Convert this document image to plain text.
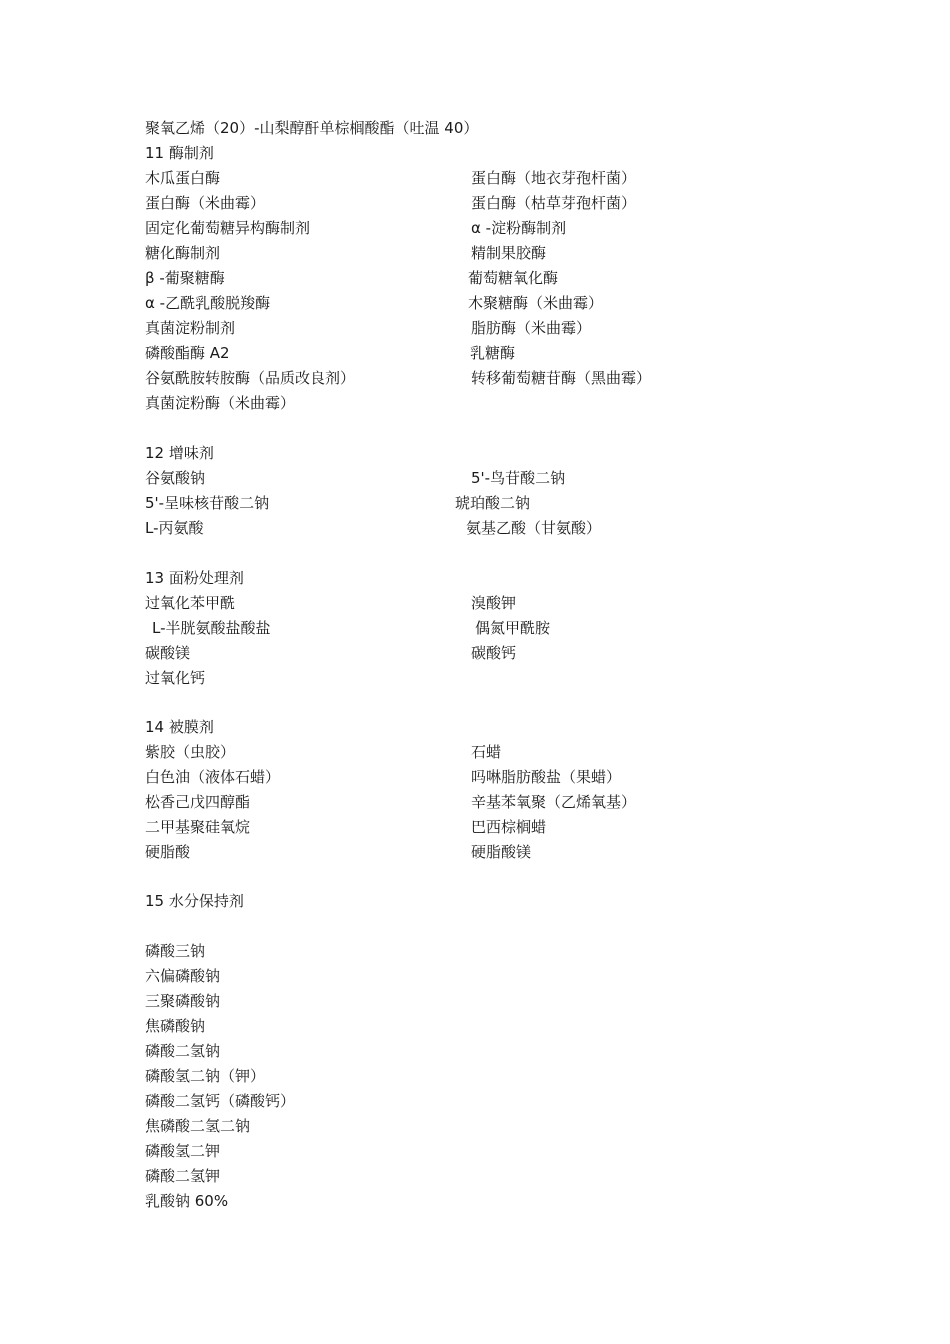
聚氧乙烯（20）-山梨醇酐单棕榈酸酯（吐温 40）
11 酶制剂
木瓜蛋白酶	蛋白酶（地衣芽孢杆菌）
蛋白酶（米曲霉）	蛋白酶（枯草芽孢杆菌）
固定化葡萄糖异构酶制剂	α -淀粉酶制剂
糖化酶制剂	精制果胶酶
β -葡聚糖酶	葡萄糖氧化酶
α -乙酰乳酸脱羧酶	木聚糖酶（米曲霉）
真菌淀粉制剂	脂肪酶（米曲霉）
磷酸酯酶 A2	乳糖酶
谷氨酰胺转胺酶（品质改良剂）	转移葡萄糖苷酶（黑曲霉）
真菌淀粉酶（米曲霉）
12 增味剂
谷氨酸钠	5'-鸟苷酸二钠
5'-呈味核苷酸二钠	琥珀酸二钠
L-丙氨酸	氨基乙酸（甘氨酸）
13 面粉处理剂
过氧化苯甲酰	溴酸钾
L-半胱氨酸盐酸盐	偶氮甲酰胺
碳酸镁	碳酸钙
过氧化钙
14 被膜剂
紫胶（虫胶）	石蜡
白色油（液体石蜡）	吗啉脂肪酸盐（果蜡）
松香己戊四醇酯	辛基苯氧聚（乙烯氧基）
二甲基聚硅氧烷	巴西棕榈蜡
硬脂酸	硬脂酸镁
15 水分保持剂
磷酸三钠
六偏磷酸钠
三聚磷酸钠
焦磷酸钠
磷酸二氢钠
磷酸氢二钠（钾）
磷酸二氢钙（磷酸钙）
焦磷酸二氢二钠
磷酸氢二钾
磷酸二氢钾
乳酸钠 60%
